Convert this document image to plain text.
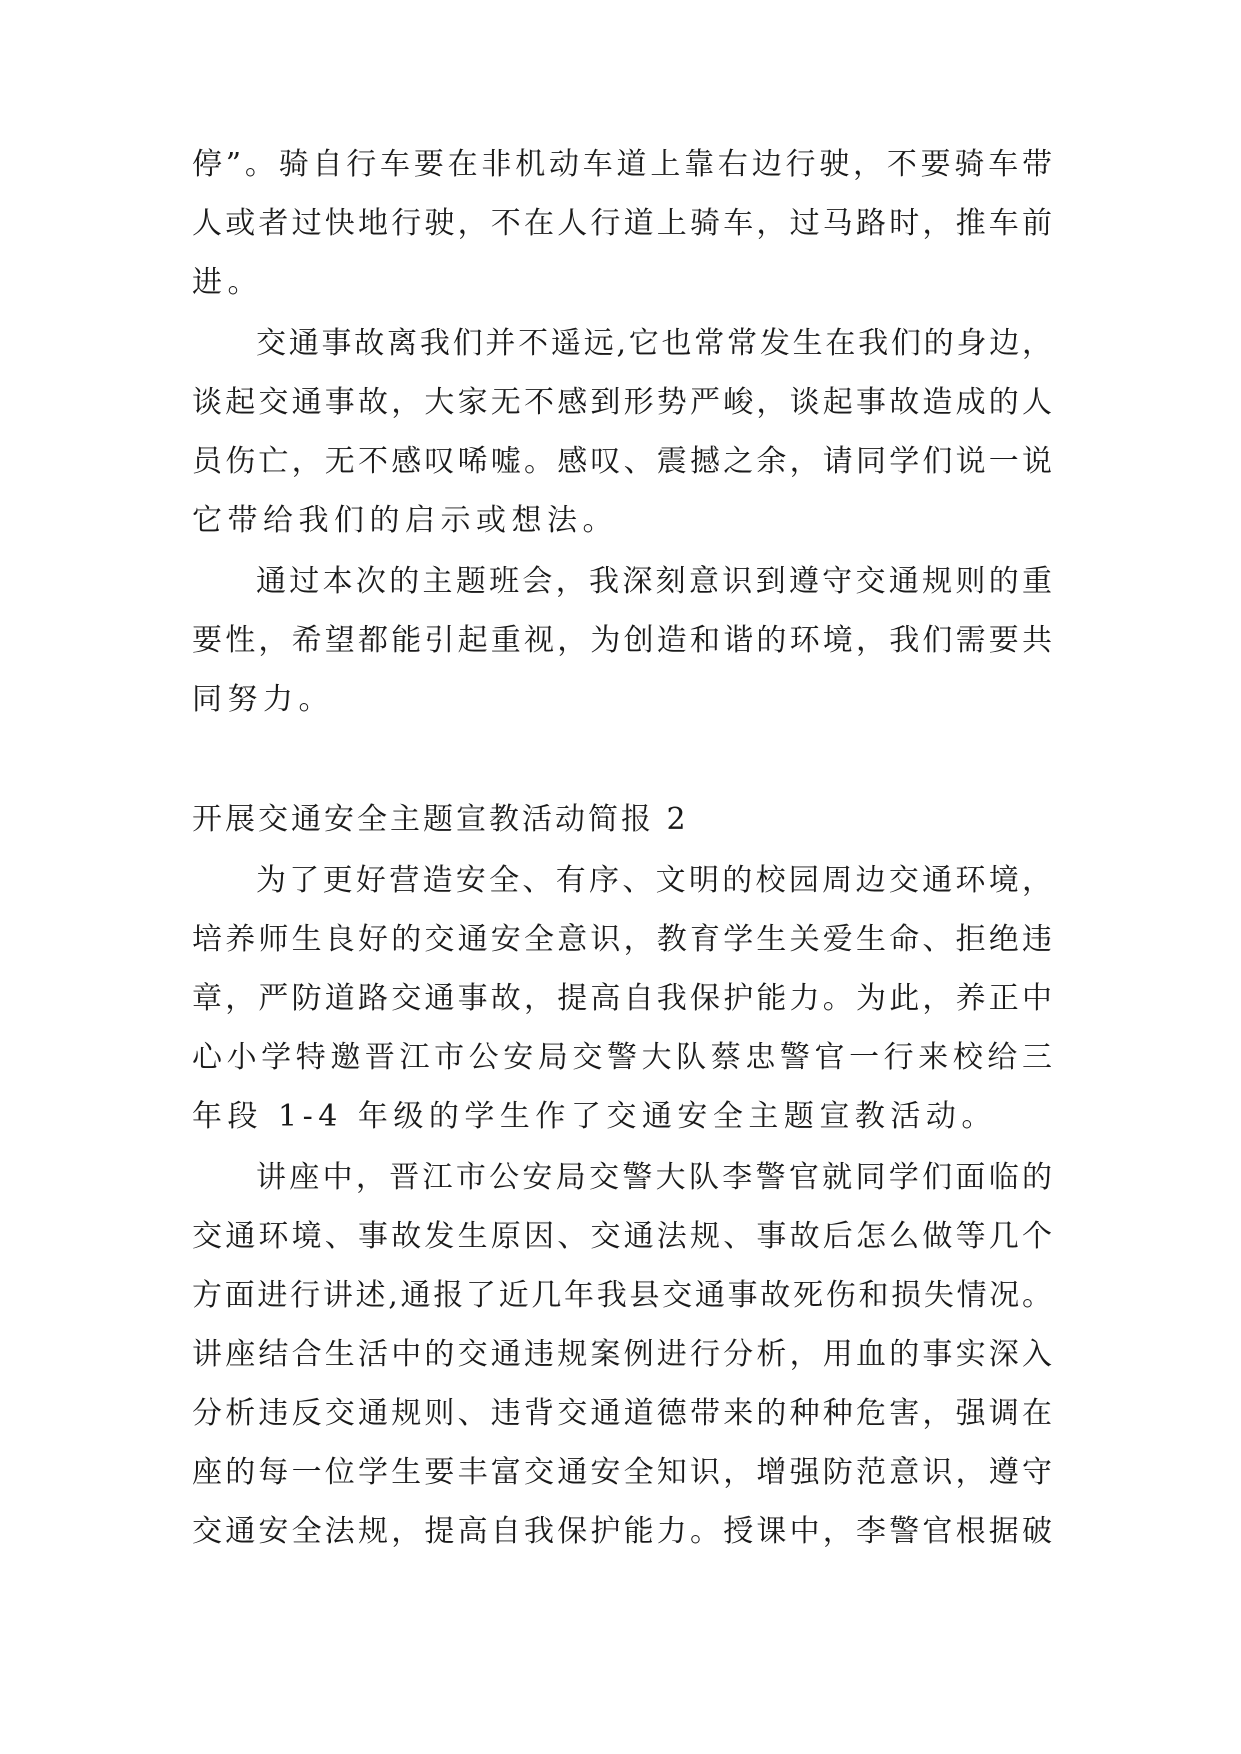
停”。骑自行车要在非机动车道上靠右边行驶，不要骑车带
人或者过快地行驶，不在人行道上骑车，过马路时，推车前
进。
交通事故离我们并不遥远,它也常常发生在我们的身边，
谈起交通事故，大家无不感到形势严峻，谈起事故造成的人
员伤亡，无不感叹唏嘘。感叹、震撼之余，请同学们说一说
它带给我们的启示或想法。
通过本次的主题班会，我深刻意识到遵守交通规则的重
要性，希望都能引起重视，为创造和谐的环境，我们需要共
同努力。
开展交通安全主题宣教活动简报 2
为了更好营造安全、有序、文明的校园周边交通环境，
培养师生良好的交通安全意识，教育学生关爱生命、拒绝违
章，严防道路交通事故，提高自我保护能力。为此，养正中
心小学特邀晋江市公安局交警大队蔡忠警官一行来校给三
年段 1-4 年级的学生作了交通安全主题宣教活动。
讲座中，晋江市公安局交警大队李警官就同学们面临的
交通环境、事故发生原因、交通法规、事故后怎么做等几个
方面进行讲述,通报了近几年我县交通事故死伤和损失情况。
讲座结合生活中的交通违规案例进行分析，用血的事实深入
分析违反交通规则、违背交通道德带来的种种危害，强调在
座的每一位学生要丰富交通安全知识，增强防范意识，遵守
交通安全法规，提高自我保护能力。授课中，李警官根据破
